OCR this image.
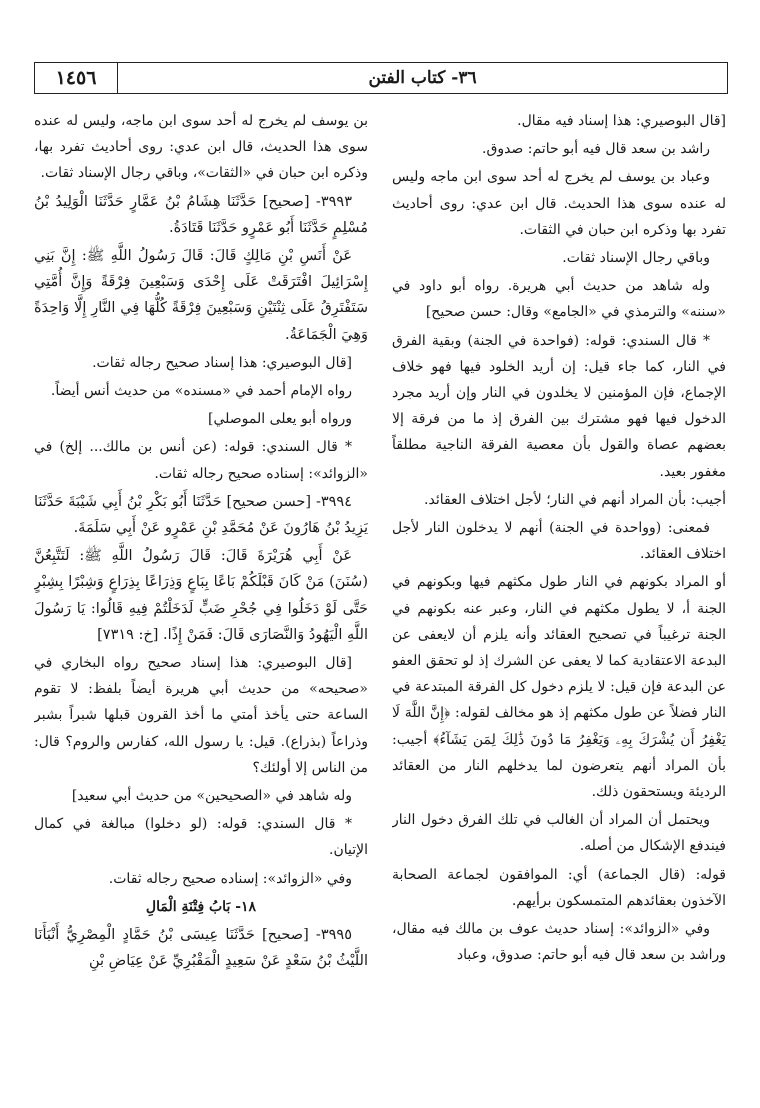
١٤٥٦	٣٦- كتاب الفتن

[قال البوصيري: هذا إسناد فيه مقال.

راشد بن سعد قال فيه أبو حاتم: صدوق.

وعباد بن يوسف لم يخرج له أحد سوى ابن ماجه وليس له عنده سوى هذا الحديث. قال ابن عدي: روى أحاديث تفرد بها وذكره ابن حبان في الثقات.

وباقي رجال الإسناد ثقات.

وله شاهد من حديث أبي هريرة. رواه أبو داود في «سننه» والترمذي في «الجامع» وقال: حسن صحيح]

* قال السندي: قوله: (فواحدة في الجنة) وبقية الفرق في النار، كما جاء قيل: إن أريد الخلود فيها فهو خلاف الإجماع، فإن المؤمنين لا يخلدون في النار وإن أريد مجرد الدخول فيها فهو مشترك بين الفرق إذ ما من فرقة إلا بعضهم عصاة والقول بأن معصية الفرقة الناجية مطلقاً مغفور بعيد.

أجيب: بأن المراد أنهم في النار؛ لأجل اختلاف العقائد.

فمعنى: (وواحدة في الجنة) أنهم لا يدخلون النار لأجل اختلاف العقائد.

أو المراد بكونهم في النار طول مكثهم فيها وبكونهم في الجنة أ، لا يطول مكثهم في النار، وعبر عنه بكونهم في الجنة ترغيباً في تصحيح العقائد وأنه يلزم أن لايعفى عن البدعة الاعتقادية كما لا يعفى عن الشرك إذ لو تحقق العفو عن البدعة فإن قيل: لا يلزم دخول كل الفرقة المبتدعة في النار فضلاً عن طول مكثهم إذ هو مخالف لقوله: ﴿إِنَّ اللَّهَ لَا يَغْفِرُ أَن يُشْرَكَ بِهِۦ وَيَغْفِرُ مَا دُونَ ذَٰلِكَ لِمَن يَشَآءُ﴾ أجيب: بأن المراد أنهم يتعرضون لما يدخلهم النار من العقائد الرديئة ويستحقون ذلك.

ويحتمل أن المراد أن الغالب في تلك الفرق دخول النار فيندفع الإشكال من أصله.

قوله: (قال الجماعة) أي: الموافقون لجماعة الصحابة الآخذون بعقائدهم المتمسكون برأيهم.

وفي «الزوائد»: إسناد حديث عوف بن مالك فيه مقال، وراشد بن سعد قال فيه أبو حاتم: صدوق، وعباد

بن يوسف لم يخرج له أحد سوى ابن ماجه، وليس له عنده سوى هذا الحديث، قال ابن عدي: روى أحاديث تفرد بها، وذكره ابن حبان في «الثقات»، وباقي رجال الإسناد ثقات.

٣٩٩٣- [صحيح] حَدَّثَنَا هِشَامُ بْنُ عَمَّارٍ حَدَّثَنَا الْوَلِيدُ بْنُ مُسْلِمٍ حَدَّثَنَا أَبُو عَمْرٍو حَدَّثَنَا قَتَادَةُ.

عَنْ أَنَسِ بْنِ مَالِكٍ قَالَ: قَالَ رَسُولُ اللَّهِ ﷺ: إِنَّ بَنِي إِسْرَائِيلَ افْتَرَقَتْ عَلَى إِحْدَى وَسَبْعِينَ فِرْقَةً وَإِنَّ أُمَّتِي سَتَفْتَرِقُ عَلَى ثِنْتَيْنِ وَسَبْعِينَ فِرْقَةً كُلُّهَا فِي النَّارِ إِلَّا وَاحِدَةً وَهِيَ الْجَمَاعَةُ.

[قال البوصيري: هذا إسناد صحيح رجاله ثقات.

رواه الإمام أحمد في «مسنده» من حديث أنس أيضاً.

ورواه أبو يعلى الموصلي]

* قال السندي: قوله: (عن أنس بن مالك... إلخ) في «الزوائد»: إسناده صحيح رجاله ثقات.

٣٩٩٤- [حسن صحيح] حَدَّثَنَا أَبُو بَكْرِ بْنُ أَبِي شَيْبَةَ حَدَّثَنَا يَزِيدُ بْنُ هَارُونَ عَنْ مُحَمَّدِ بْنِ عَمْرٍو عَنْ أَبِي سَلَمَةَ.

عَنْ أَبِي هُرَيْرَةَ قَالَ: قَالَ رَسُولُ اللَّهِ ﷺ: لَتَتَّبِعُنَّ (سُنَنَ) مَنْ كَانَ قَبْلَكُمْ بَاعًا بِبَاعٍ وَذِرَاعًا بِذِرَاعٍ وَشِبْرًا بِشِبْرٍ حَتَّى لَوْ دَخَلُوا فِي جُحْرِ ضَبٍّ لَدَخَلْتُمْ فِيهِ قَالُوا: يَا رَسُولَ اللَّهِ الْيَهُودُ وَالنَّصَارَى قَالَ: فَمَنْ إِذًا. [خ: ٧٣١٩]

[قال البوصيري: هذا إسناد صحيح رواه البخاري في «صحيحه» من حديث أبي هريرة أيضاً بلفظ: لا تقوم الساعة حتى يأخذ أمتي ما أخذ القرون قبلها شبراً بشبر وذراعاً (بذراع). قيل: يا رسول الله، كفارس والروم؟ قال: من الناس إلا أولئك؟

وله شاهد في «الصحيحين» من حديث أبي سعيد]

* قال السندي: قوله: (لو دخلوا) مبالغة في كمال الإتيان.

وفي «الزوائد»: إسناده صحيح رجاله ثقات.

١٨- بَابُ فِتْنَةِ الْمَالِ

٣٩٩٥- [صحيح] حَدَّثَنَا عِيسَى بْنُ حَمَّادٍ الْمِصْرِيُّ أَنْبَأَنَا اللَّيْثُ بْنُ سَعْدٍ عَنْ سَعِيدٍ الْمَقْبُرِيِّ عَنْ عِيَاضِ بْنِ
